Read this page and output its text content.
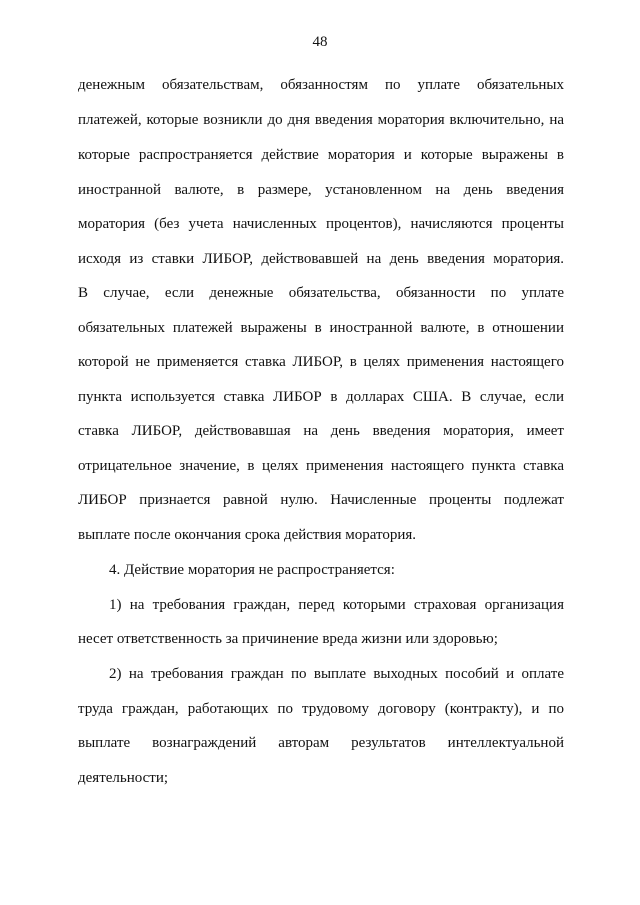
48
денежным обязательствам, обязанностям по уплате обязательных
платежей, которые возникли до дня введения моратория включительно, на
которые распространяется действие моратория и которые выражены в
иностранной валюте, в размере, установленном на день введения
моратория (без учета начисленных процентов), начисляются проценты
исходя из ставки ЛИБОР, действовавшей на день введения моратория.
В случае, если денежные обязательства, обязанности по уплате
обязательных платежей выражены в иностранной валюте, в отношении
которой не применяется ставка ЛИБОР, в целях применения настоящего
пункта используется ставка ЛИБОР в долларах США. В случае, если
ставка ЛИБОР, действовавшая на день введения моратория, имеет
отрицательное значение, в целях применения настоящего пункта ставка
ЛИБОР признается равной нулю. Начисленные проценты подлежат
выплате после окончания срока действия моратория.
4. Действие моратория не распространяется:
1) на требования граждан, перед которыми страховая организация
несет ответственность за причинение вреда жизни или здоровью;
2) на требования граждан по выплате выходных пособий и оплате
труда граждан, работающих по трудовому договору (контракту), и по
выплате вознаграждений авторам результатов интеллектуальной
деятельности;
